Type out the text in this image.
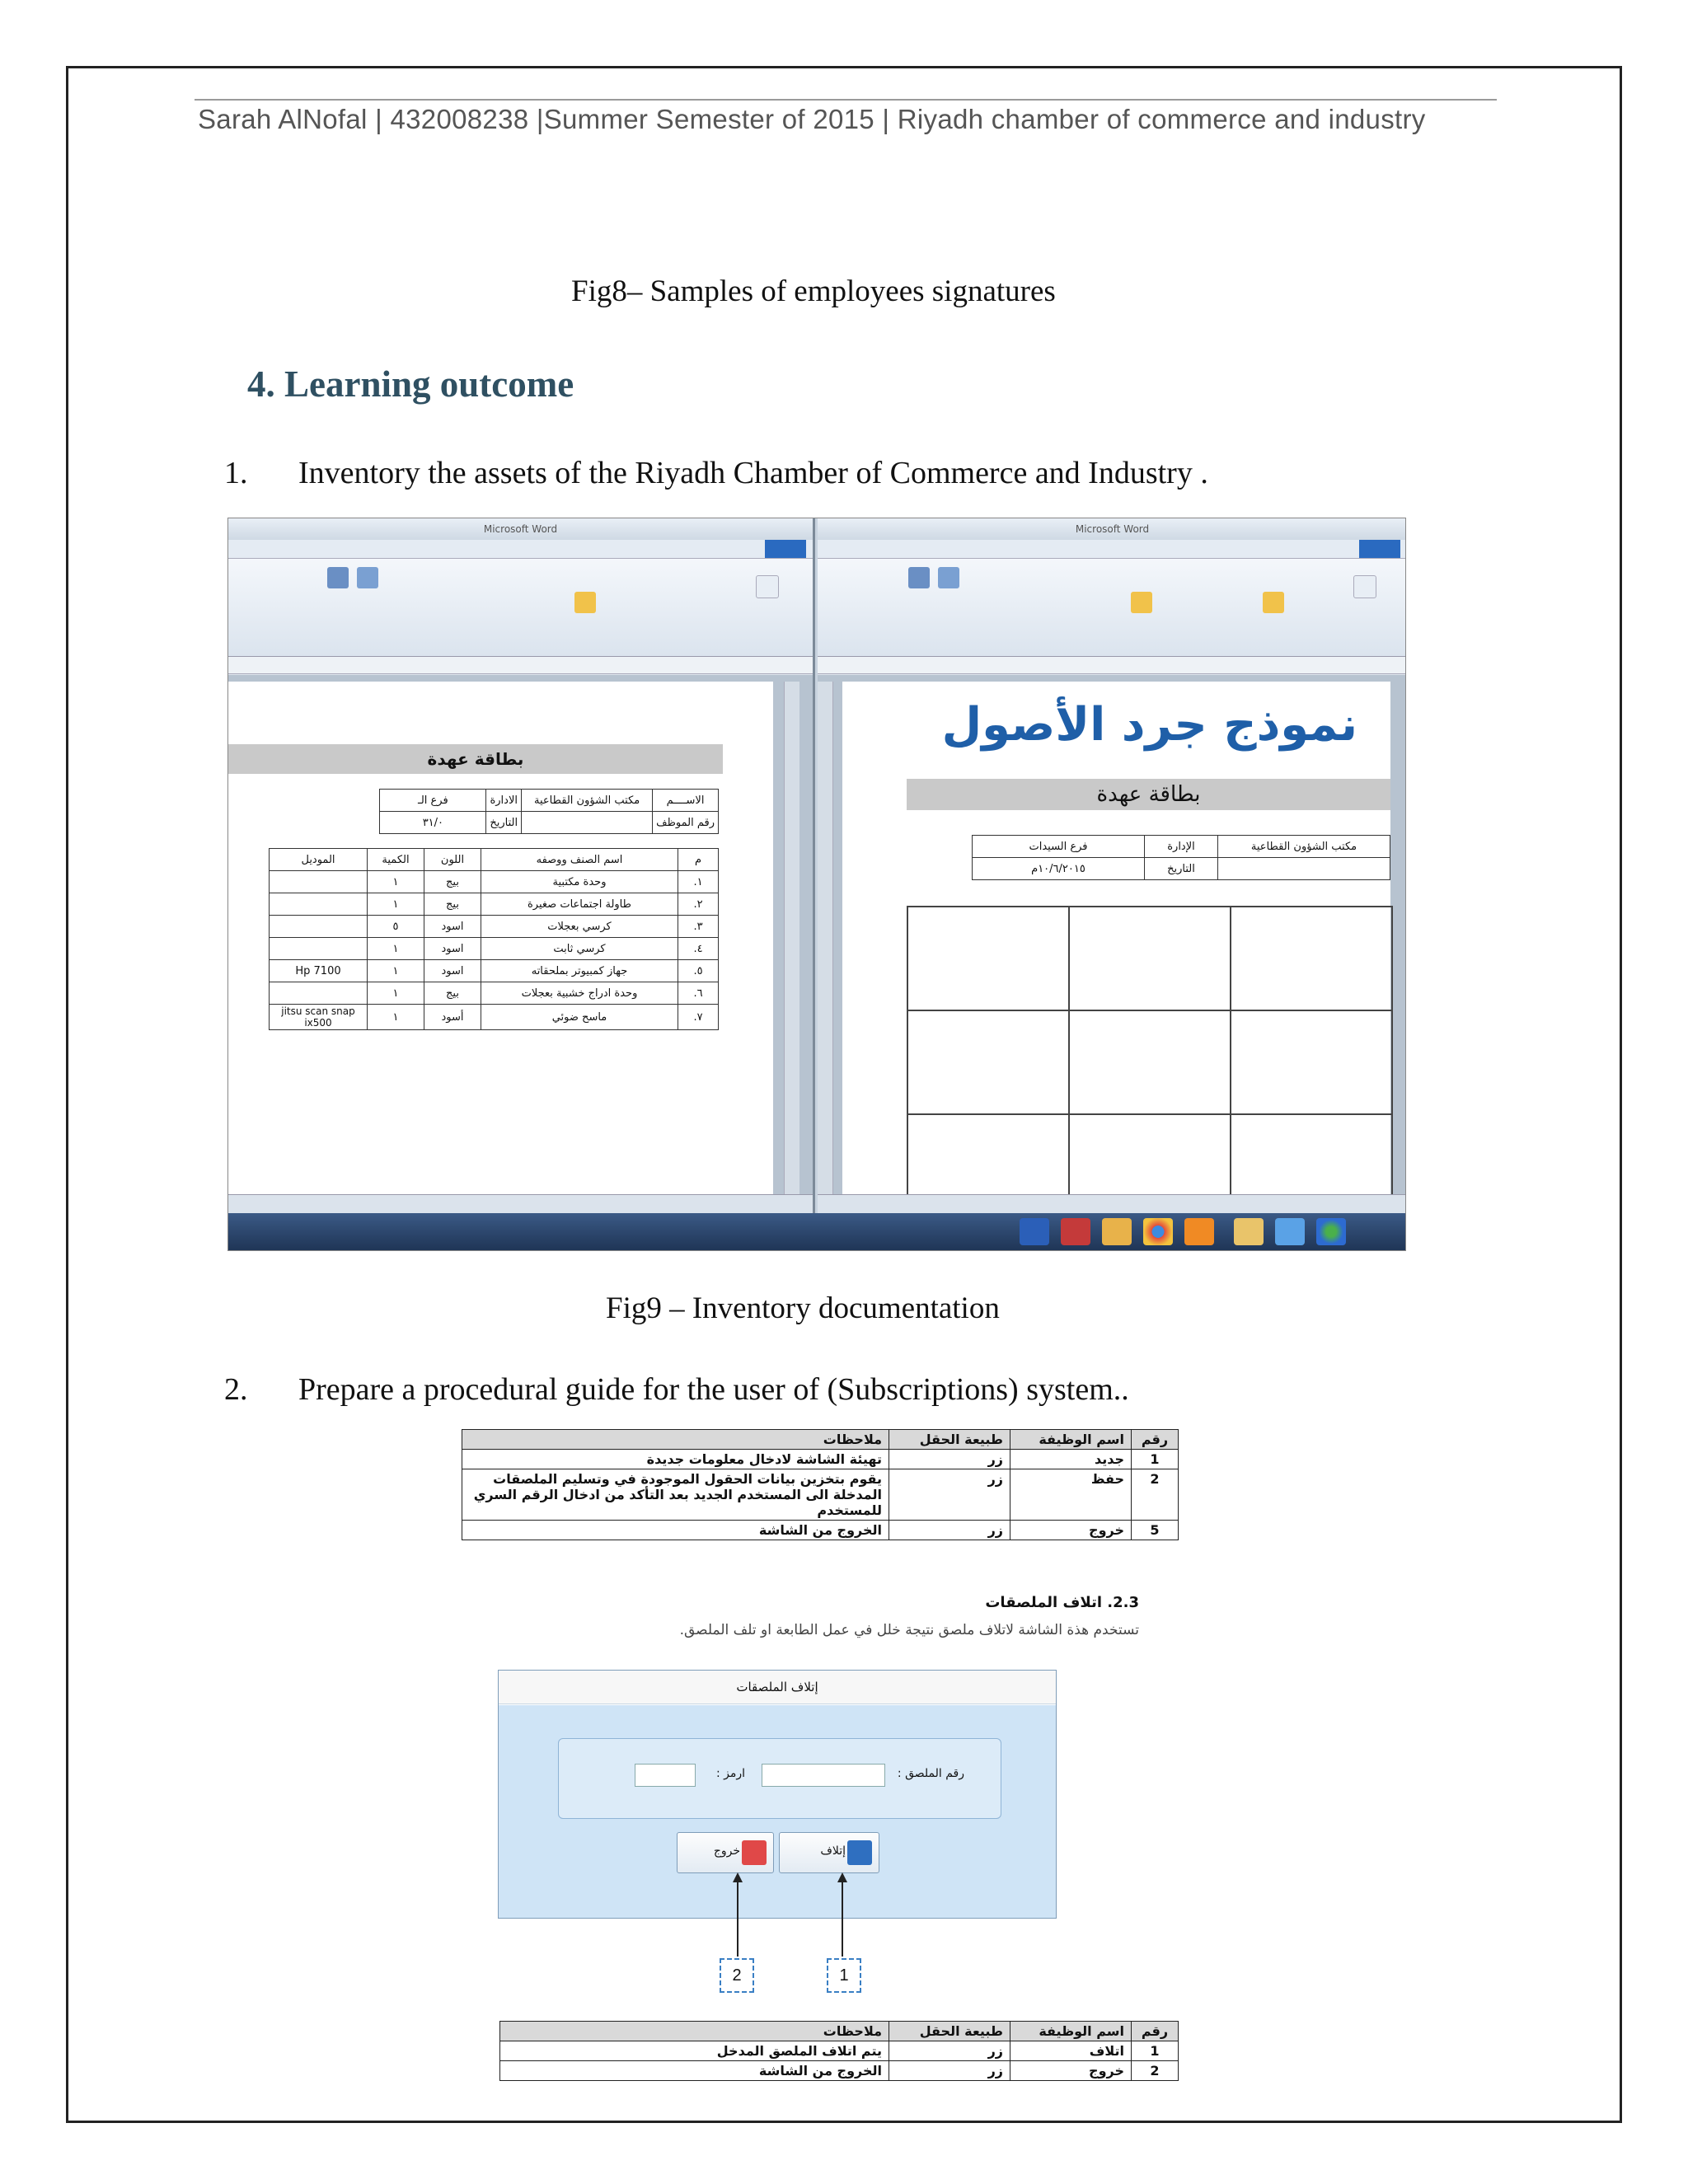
Sarah AlNofal | 432008238 |Summer Semester of 2015 | Riyadh chamber of commerce and industry
Fig8– Samples of employees signatures
4. Learning outcome
1. Inventory the assets of the Riyadh Chamber of Commerce and Industry .
Microsoft Word
بطاقة عهدة
الاســــم	مكتب الشؤون القطاعية	الادارة	فرع الـ
رقم الموظف		التاريخ	٣١/٠
م	اسم الصنف ووصفه	اللون	الكمية	الموديل
١.	وحدة مكتبية	بيج	١	
٢.	طاولة اجتماعات صغيرة	بيج	١	
٣.	كرسي بعجلات	اسود	٥	
٤.	كرسي ثابت	اسود	١	
٥.	جهاز كمبيوتر بملحقاته	اسود	١	Hp 7100
٦.	وحدة ادراج خشبية بعجلات	بيج	١	
٧.	ماسح ضوئي	أسود	١	jitsu scan snap ix500
Microsoft Word
نموذج جرد الأصول
بطاقة عهدة
مكتب الشؤون القطاعية	الإدارة	فرع السيدات
	التاريخ	١٠/٦/٢٠١٥م

Fig9 – Inventory documentation
2. Prepare a procedural guide for the user of (Subscriptions) system..
رقم	اسم الوظيفة	طبيعة الحقل	ملاحظات
1	جديد	زر	تهيئة الشاشة لادخال معلومات جديدة
2	حفظ	زر	يقوم بتخزين بيانات الحقول الموجودة في وتسليم الملصقات المدخلة الى المستخدم الجديد بعد التأكد من ادخال الرقم السري للمستخدم
5	خروج	زر	الخروج من الشاشة
2.3. اتلاف الملصقات
تستخدم هذة الشاشة لاتلاف ملصق نتيجة خلل في عمل الطابعة او تلف الملصق.
إتلاف الملصقات
رقم الملصق :
ارمز :
إتلاف
خروج
1
2
رقم	اسم الوظيفة	طبيعة الحقل	ملاحظات
1	اتلاف	زر	يتم اتلاف الملصق المدخل
2	خروج	زر	الخروج من الشاشة
